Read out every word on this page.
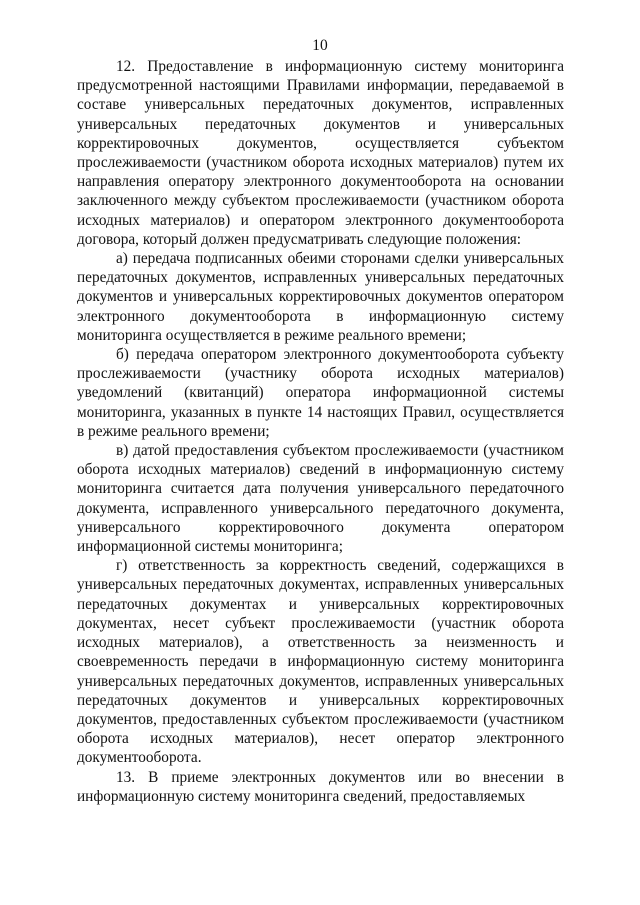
10

12. Предоставление в информационную систему мониторинга предусмотренной настоящими Правилами информации, передаваемой в составе универсальных передаточных документов, исправленных универсальных передаточных документов и универсальных корректировочных документов, осуществляется субъектом прослеживаемости (участником оборота исходных материалов) путем их направления оператору электронного документооборота на основании заключенного между субъектом прослеживаемости (участником оборота исходных материалов) и оператором электронного документооборота договора, который должен предусматривать следующие положения:

а) передача подписанных обеими сторонами сделки универсальных передаточных документов, исправленных универсальных передаточных документов и универсальных корректировочных документов оператором электронного документооборота в информационную систему мониторинга осуществляется в режиме реального времени;

б) передача оператором электронного документооборота субъекту прослеживаемости (участнику оборота исходных материалов) уведомлений (квитанций) оператора информационной системы мониторинга, указанных в пункте 14 настоящих Правил, осуществляется в режиме реального времени;

в) датой предоставления субъектом прослеживаемости (участником оборота исходных материалов) сведений в информационную систему мониторинга считается дата получения универсального передаточного документа, исправленного универсального передаточного документа, универсального корректировочного документа оператором информационной системы мониторинга;

г) ответственность за корректность сведений, содержащихся в универсальных передаточных документах, исправленных универсальных передаточных документах и универсальных корректировочных документах, несет субъект прослеживаемости (участник оборота исходных материалов), а ответственность за неизменность и своевременность передачи в информационную систему мониторинга универсальных передаточных документов, исправленных универсальных передаточных документов и универсальных корректировочных документов, предоставленных субъектом прослеживаемости (участником оборота исходных материалов), несет оператор электронного документооборота.

13. В приеме электронных документов или во внесении в информационную систему мониторинга сведений, предоставляемых
